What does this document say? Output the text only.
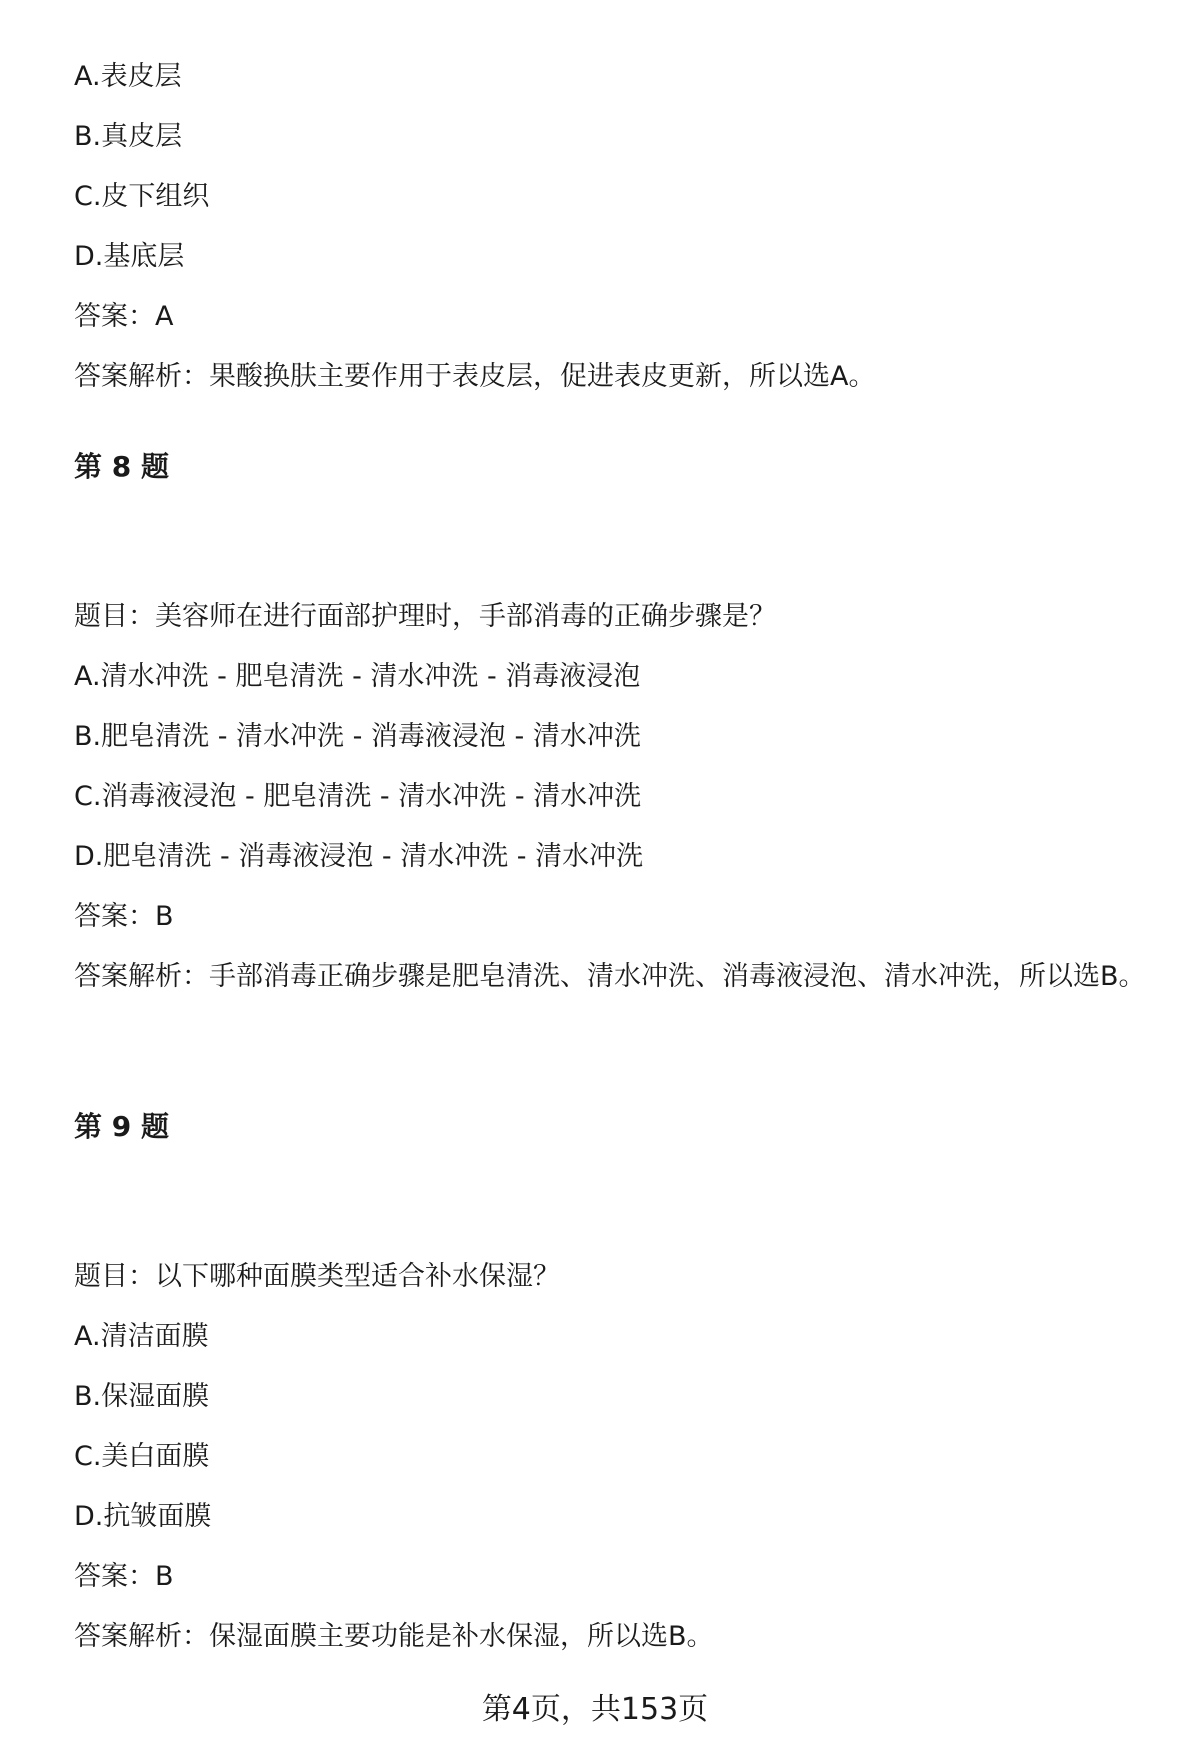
A.表皮层
B.真皮层
C.皮下组织
D.基底层
答案：A
答案解析：果酸换肤主要作用于表皮层，促进表皮更新，所以选A。
第 8 题
题目：美容师在进行面部护理时，手部消毒的正确步骤是？
A.清水冲洗 - 肥皂清洗 - 清水冲洗 - 消毒液浸泡
B.肥皂清洗 - 清水冲洗 - 消毒液浸泡 - 清水冲洗
C.消毒液浸泡 - 肥皂清洗 - 清水冲洗 - 清水冲洗
D.肥皂清洗 - 消毒液浸泡 - 清水冲洗 - 清水冲洗
答案：B
答案解析：手部消毒正确步骤是肥皂清洗、清水冲洗、消毒液浸泡、清水冲洗，所以选B。
第 9 题
题目：以下哪种面膜类型适合补水保湿？
A.清洁面膜
B.保湿面膜
C.美白面膜
D.抗皱面膜
答案：B
答案解析：保湿面膜主要功能是补水保湿，所以选B。
第4页，共153页
